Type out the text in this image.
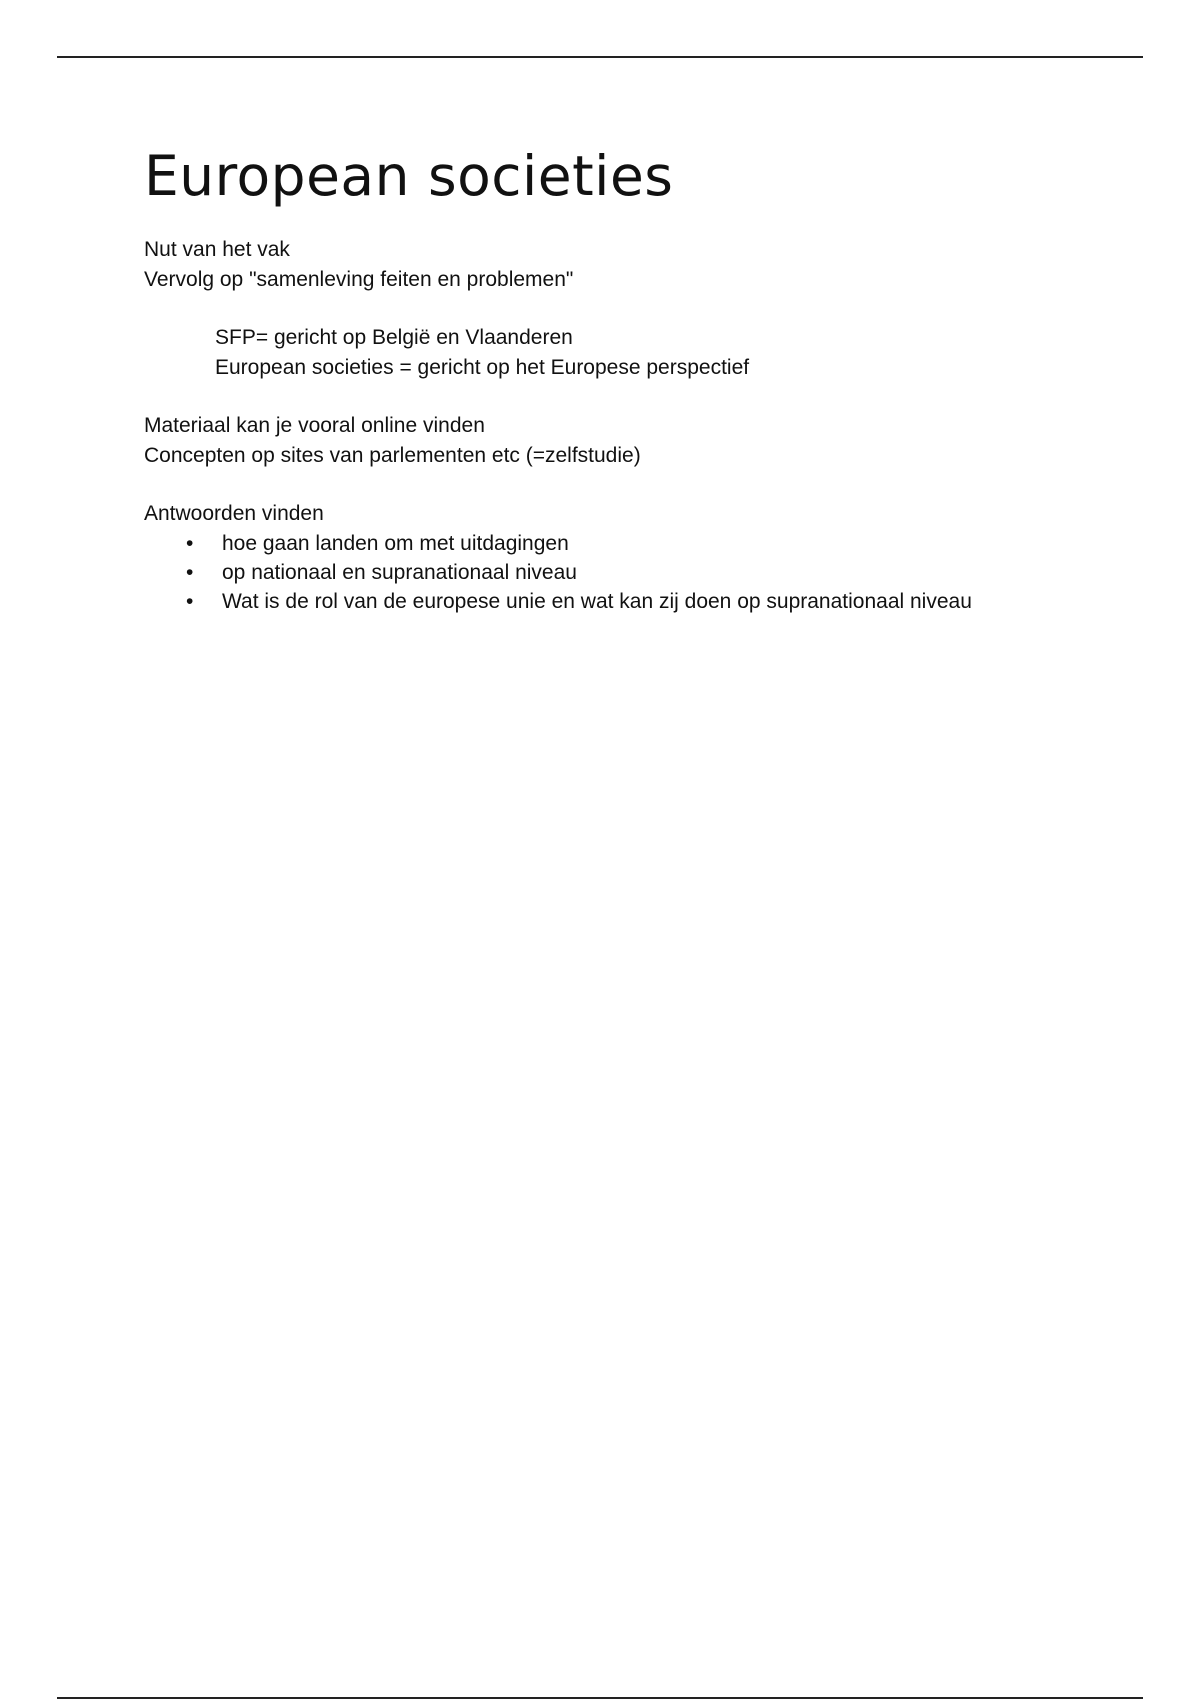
European societies

Nut van het vak

Vervolg op "samenleving feiten en problemen"

SFP= gericht op België en Vlaanderen

European societies = gericht op het Europese perspectief

Materiaal kan je vooral online vinden

Concepten op sites van parlementen etc (=zelfstudie)

Antwoorden vinden

• hoe gaan landen om met uitdagingen
• op nationaal en supranationaal niveau
• Wat is de rol van de europese unie en wat kan zij doen op supranationaal niveau
